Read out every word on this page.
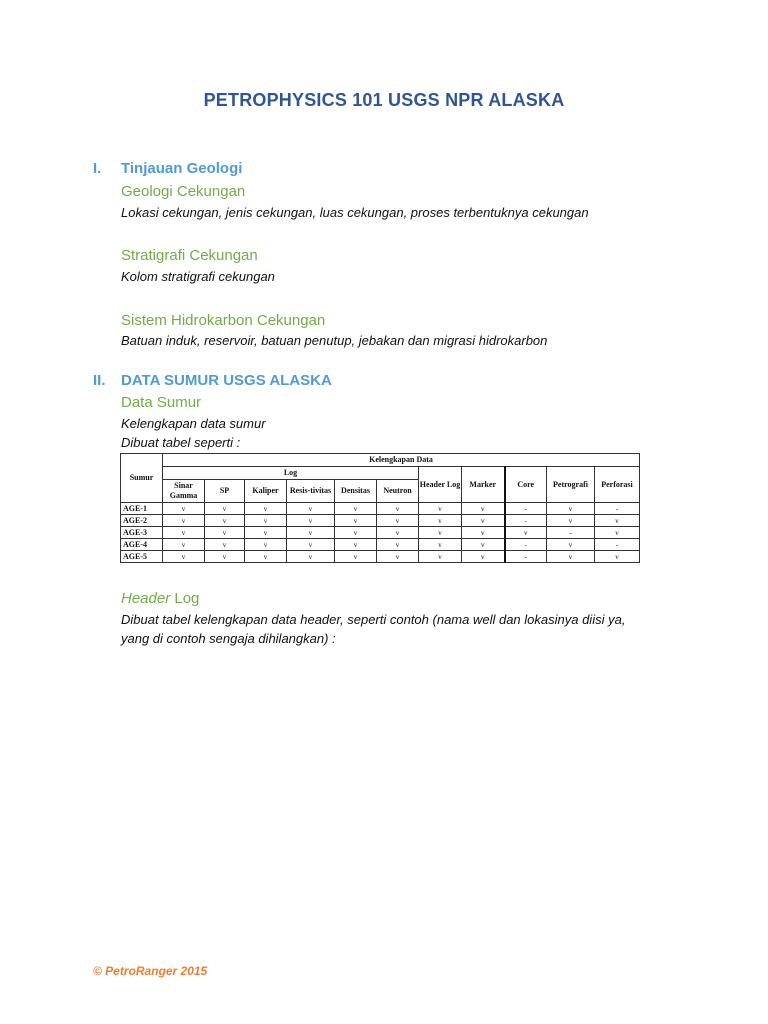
PETROPHYSICS 101 USGS NPR ALASKA
I. Tinjauan Geologi
Geologi Cekungan
Lokasi cekungan, jenis cekungan, luas cekungan, proses terbentuknya cekungan
Stratigrafi Cekungan
Kolom stratigrafi cekungan
Sistem Hidrokarbon Cekungan
Batuan induk, reservoir, batuan penutup, jebakan dan migrasi hidrokarbon
II. DATA SUMUR USGS ALASKA
Data Sumur
Kelengkapan data sumur
Dibuat tabel seperti :
Sumur	Kelengkapan Data										
	Log						Header Log	Marker	Core	Petrografi	Perforasi
	Sinar Gamma	SP	Kaliper	Resis-tivitas	Densitas	Neutron					
AGE-1	v	v	v	v	v	v	v	v	-	v	-
AGE-2	v	v	v	v	v	v	v	v	-	v	v
AGE-3	v	v	v	v	v	v	v	v	v	-	v
AGE-4	v	v	v	v	v	v	v	v	-	v	-
AGE-5	v	v	v	v	v	v	v	v	-	v	v
Header Log
Dibuat tabel kelengkapan data header, seperti contoh (nama well dan lokasinya diisi ya,
yang di contoh sengaja dihilangkan) :
© PetroRanger 2015
